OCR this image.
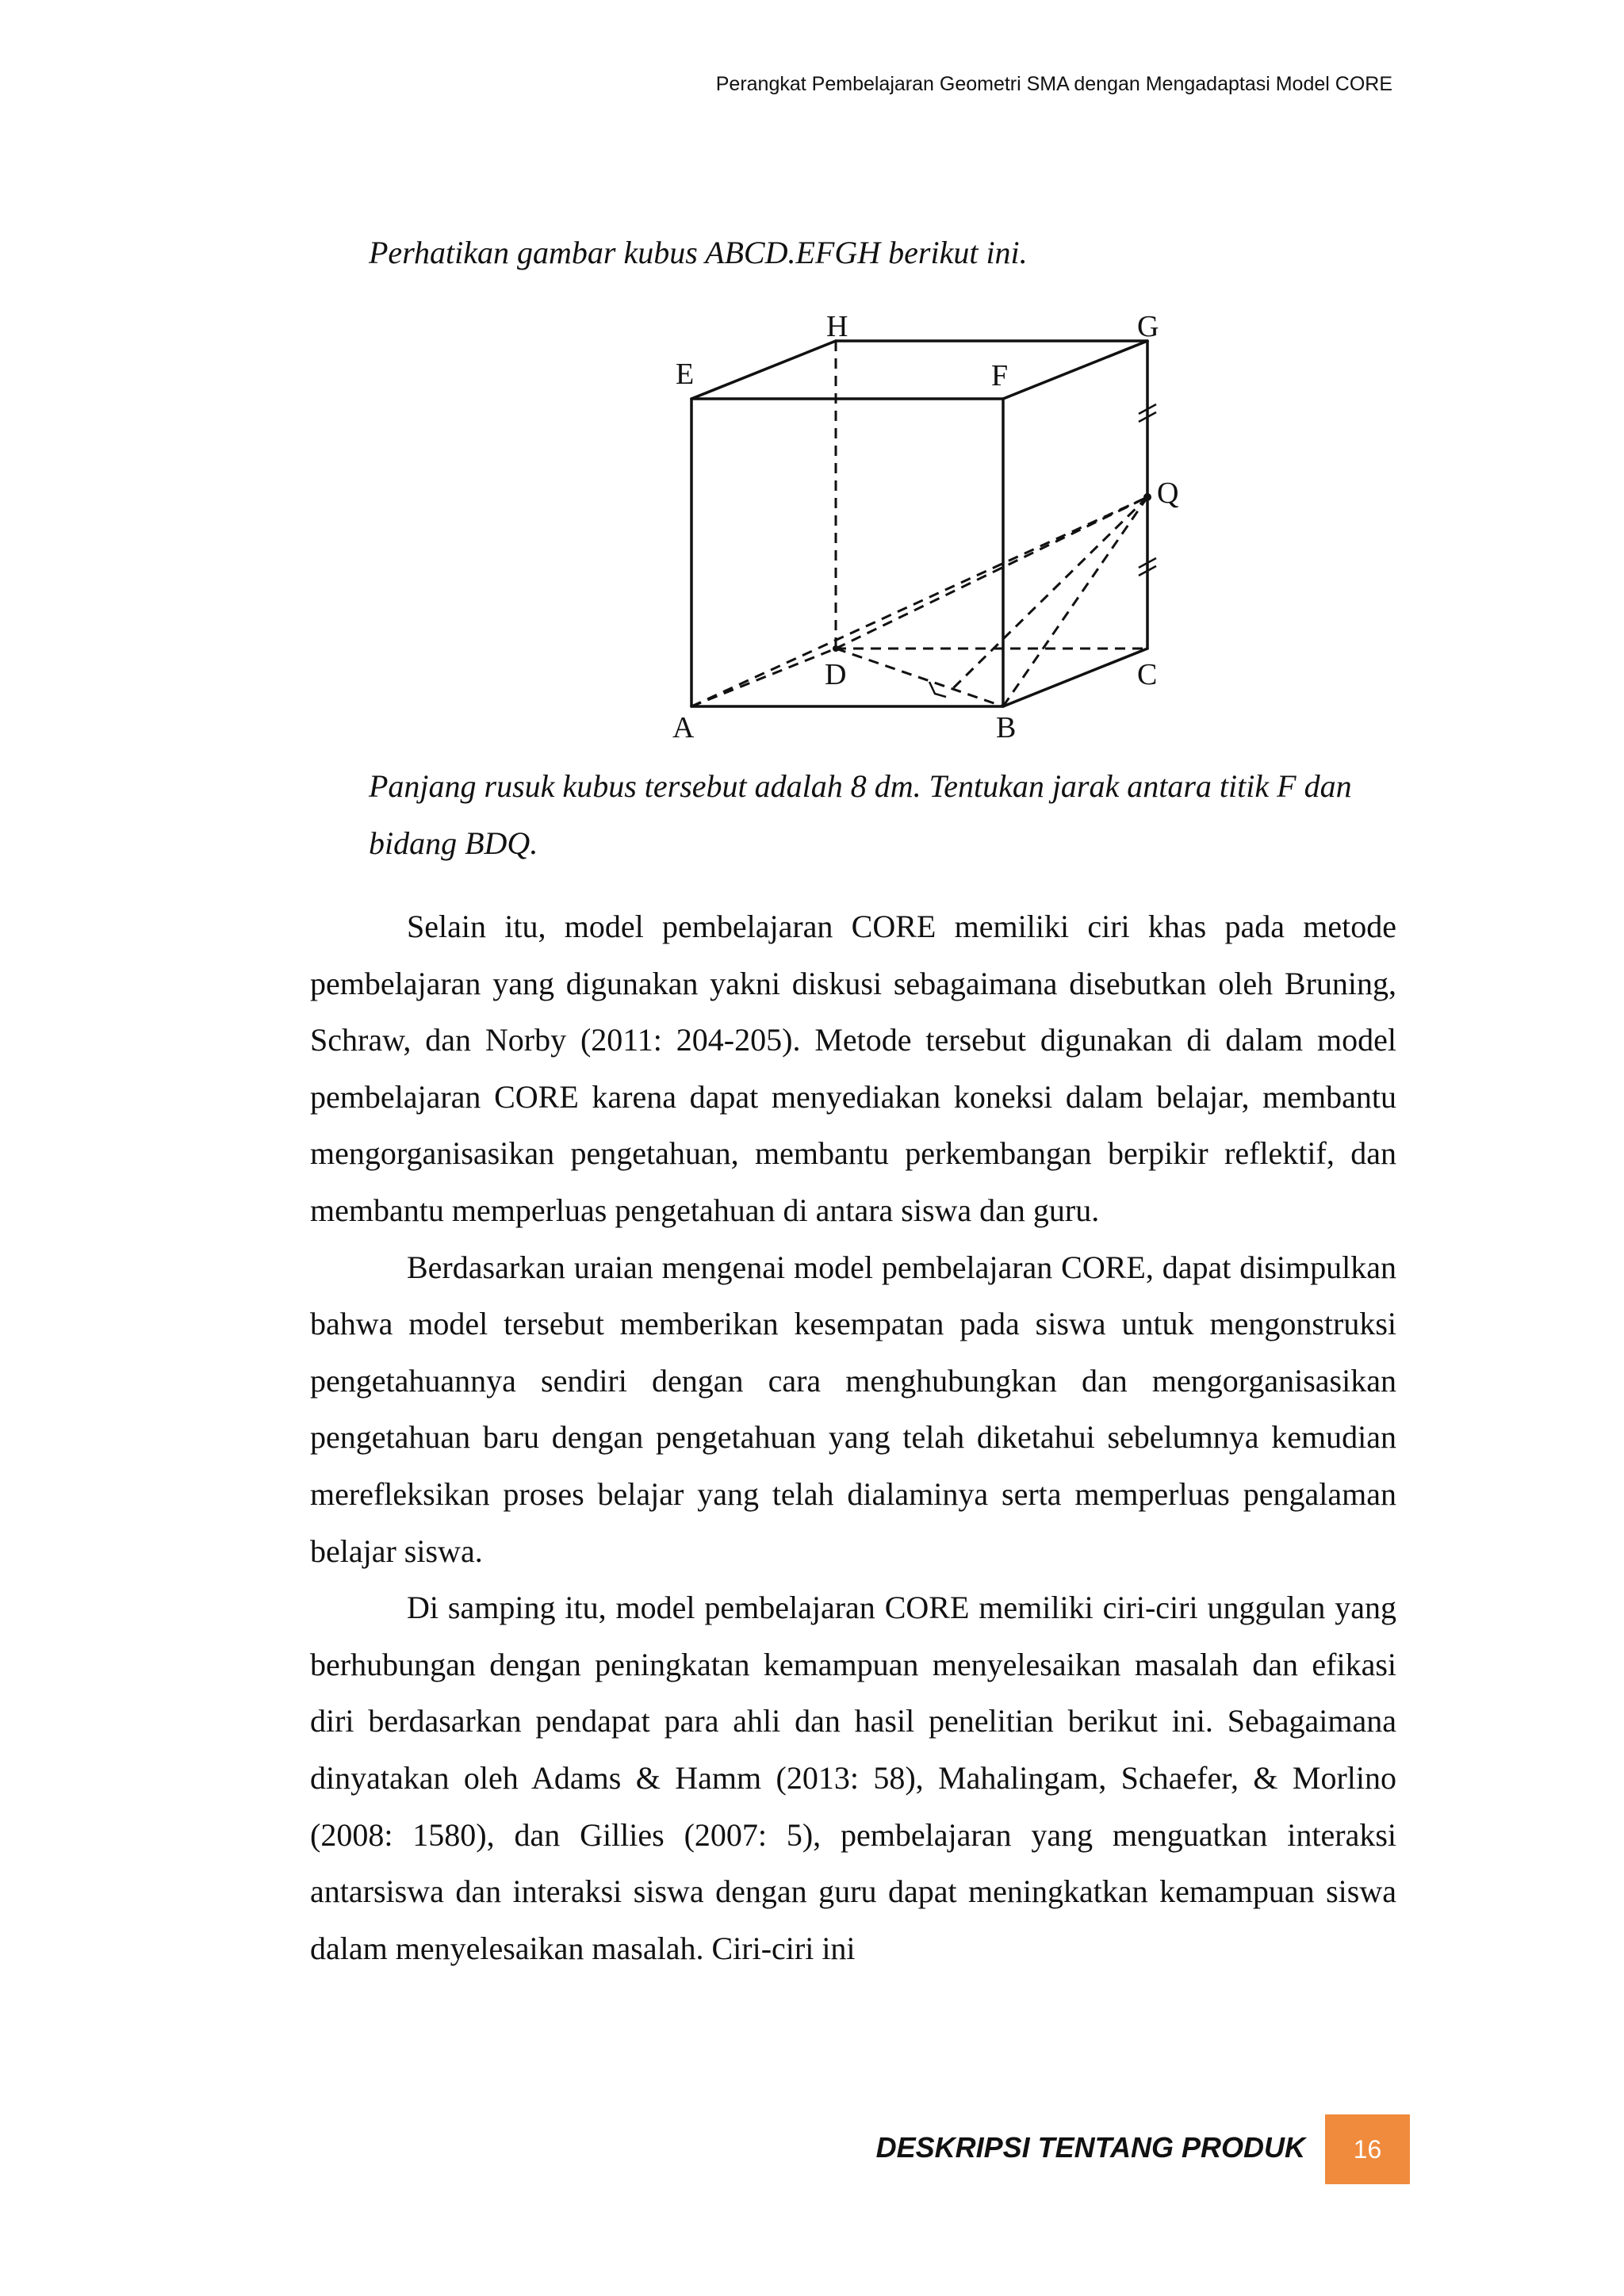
Perangkat Pembelajaran Geometri SMA dengan Mengadaptasi Model CORE
Perhatikan gambar kubus ABCD.EFGH berikut ini.
H	G
E	F
Q
D	C
A	B
Panjang rusuk kubus tersebut adalah 8 dm. Tentukan jarak antara titik F dan
bidang BDQ.

Selain itu, model pembelajaran CORE memiliki ciri khas pada metode pembelajaran yang digunakan yakni diskusi sebagaimana disebutkan oleh Bruning, Schraw, dan Norby (2011: 204-205). Metode tersebut digunakan di dalam model pembelajaran CORE karena dapat menyediakan koneksi dalam belajar, membantu mengorganisasikan pengetahuan, membantu perkembangan berpikir reflektif, dan membantu memperluas pengetahuan di antara siswa dan guru.

Berdasarkan uraian mengenai model pembelajaran CORE, dapat disimpulkan bahwa model tersebut memberikan kesempatan pada siswa untuk mengonstruksi pengetahuannya sendiri dengan cara menghubungkan dan mengorganisasikan pengetahuan baru dengan pengetahuan yang telah diketahui sebelumnya kemudian merefleksikan proses belajar yang telah dialaminya serta memperluas pengalaman belajar siswa.

Di samping itu, model pembelajaran CORE memiliki ciri-ciri unggulan yang berhubungan dengan peningkatan kemampuan menyelesaikan masalah dan efikasi diri berdasarkan pendapat para ahli dan hasil penelitian berikut ini. Sebagaimana dinyatakan oleh Adams & Hamm (2013: 58), Mahalingam, Schaefer, & Morlino (2008: 1580), dan Gillies (2007: 5), pembelajaran yang menguatkan interaksi antarsiswa dan interaksi siswa dengan guru dapat meningkatkan kemampuan siswa dalam menyelesaikan masalah. Ciri-ciri ini

DESKRIPSI TENTANG PRODUK 16
